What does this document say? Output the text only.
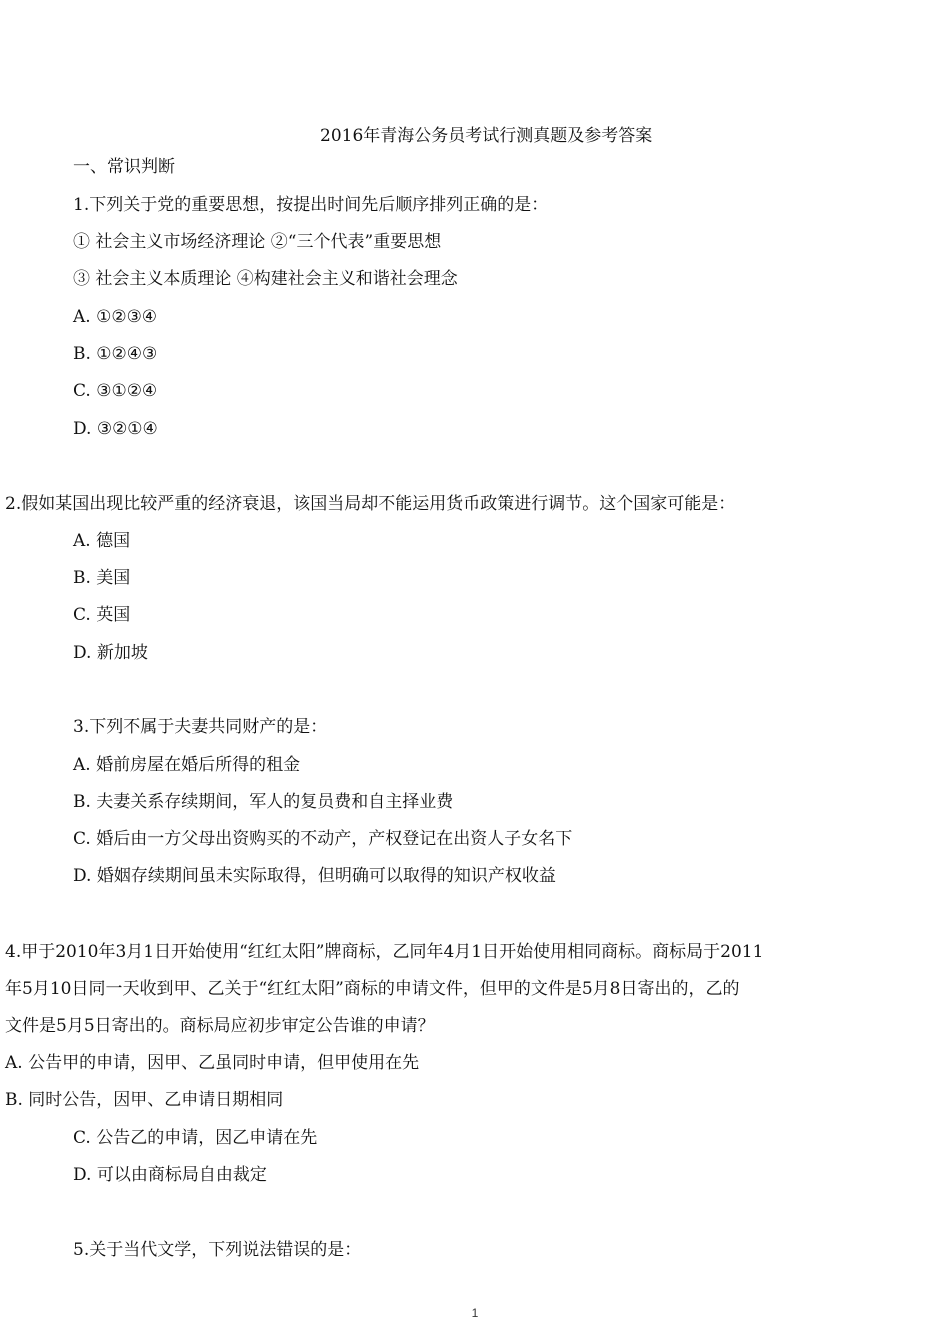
2016年青海公务员考试行测真题及参考答案
一、常识判断
1.下列关于党的重要思想，按提出时间先后顺序排列正确的是：
① 社会主义市场经济理论 ②“三个代表”重要思想
③ 社会主义本质理论 ④构建社会主义和谐社会理念
A. ①②③④
B. ①②④③
C. ③①②④
D. ③②①④
2.假如某国出现比较严重的经济衰退，该国当局却不能运用货币政策进行调节。这个国家可能是：
A. 德国
B. 美国
C. 英国
D. 新加坡
3.下列不属于夫妻共同财产的是：
A. 婚前房屋在婚后所得的租金
B. 夫妻关系存续期间，军人的复员费和自主择业费
C. 婚后由一方父母出资购买的不动产，产权登记在出资人子女名下
D. 婚姻存续期间虽未实际取得，但明确可以取得的知识产权收益
4.甲于2010年3月1日开始使用“红红太阳”牌商标，乙同年4月1日开始使用相同商标。商标局于2011
年5月10日同一天收到甲、乙关于“红红太阳”商标的申请文件，但甲的文件是5月8日寄出的，乙的
文件是5月5日寄出的。商标局应初步审定公告谁的申请？
A. 公告甲的申请，因甲、乙虽同时申请，但甲使用在先
B. 同时公告，因甲、乙申请日期相同
C. 公告乙的申请，因乙申请在先
D. 可以由商标局自由裁定
5.关于当代文学，下列说法错误的是：
1
